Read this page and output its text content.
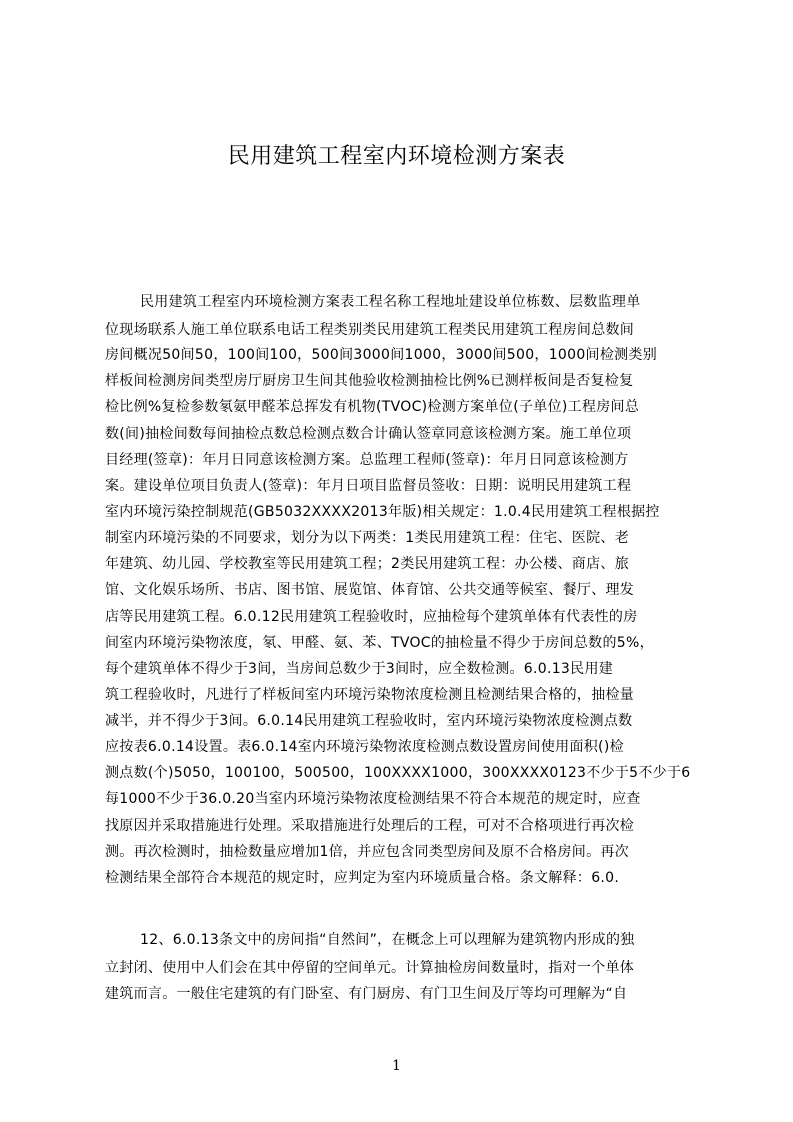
民用建筑工程室内环境检测方案表
民用建筑工程室内环境检测方案表工程名称工程地址建设单位栋数、层数监理单
位现场联系人施工单位联系电话工程类别类民用建筑工程类民用建筑工程房间总数间
房间概况50间50，100间100，500间3000间1000，3000间500，1000间检测类别
样板间检测房间类型房厅厨房卫生间其他验收检测抽检比例%已测样板间是否复检复
检比例%复检参数氡氨甲醛苯总挥发有机物(TVOC)检测方案单位(子单位)工程房间总
数(间)抽检间数每间抽检点数总检测点数合计确认签章同意该检测方案。施工单位项
目经理(签章)：年月日同意该检测方案。总监理工程师(签章)：年月日同意该检测方
案。建设单位项目负责人(签章)：年月日项目监督员签收：日期：说明民用建筑工程
室内环境污染控制规范(GB5032XXXX2013年版)相关规定：1.0.4民用建筑工程根据控
制室内环境污染的不同要求，划分为以下两类：1类民用建筑工程：住宅、医院、老
年建筑、幼儿园、学校教室等民用建筑工程；2类民用建筑工程：办公楼、商店、旅
馆、文化娱乐场所、书店、图书馆、展览馆、体育馆、公共交通等候室、餐厅、理发
店等民用建筑工程。6.0.12民用建筑工程验收时，应抽检每个建筑单体有代表性的房
间室内环境污染物浓度，氡、甲醛、氨、苯、TVOC的抽检量不得少于房间总数的5%，
每个建筑单体不得少于3间，当房间总数少于3间时，应全数检测。6.0.13民用建
筑工程验收时，凡进行了样板间室内环境污染物浓度检测且检测结果合格的，抽检量
减半，并不得少于3间。6.0.14民用建筑工程验收时，室内环境污染物浓度检测点数
应按表6.0.14设置。表6.0.14室内环境污染物浓度检测点数设置房间使用面积()检
测点数(个)5050，100100，500500，100XXXX1000，300XXXX0123不少于5不少于6
每1000不少于36.0.20当室内环境污染物浓度检测结果不符合本规范的规定时，应查
找原因并采取措施进行处理。采取措施进行处理后的工程，可对不合格项进行再次检
测。再次检测时，抽检数量应增加1倍，并应包含同类型房间及原不合格房间。再次
检测结果全部符合本规范的规定时，应判定为室内环境质量合格。条文解释：6.0.
12、6.0.13条文中的房间指“自然间”，在概念上可以理解为建筑物内形成的独
立封闭、使用中人们会在其中停留的空间单元。计算抽检房间数量时，指对一个单体
建筑而言。一般住宅建筑的有门卧室、有门厨房、有门卫生间及厅等均可理解为“自
1
